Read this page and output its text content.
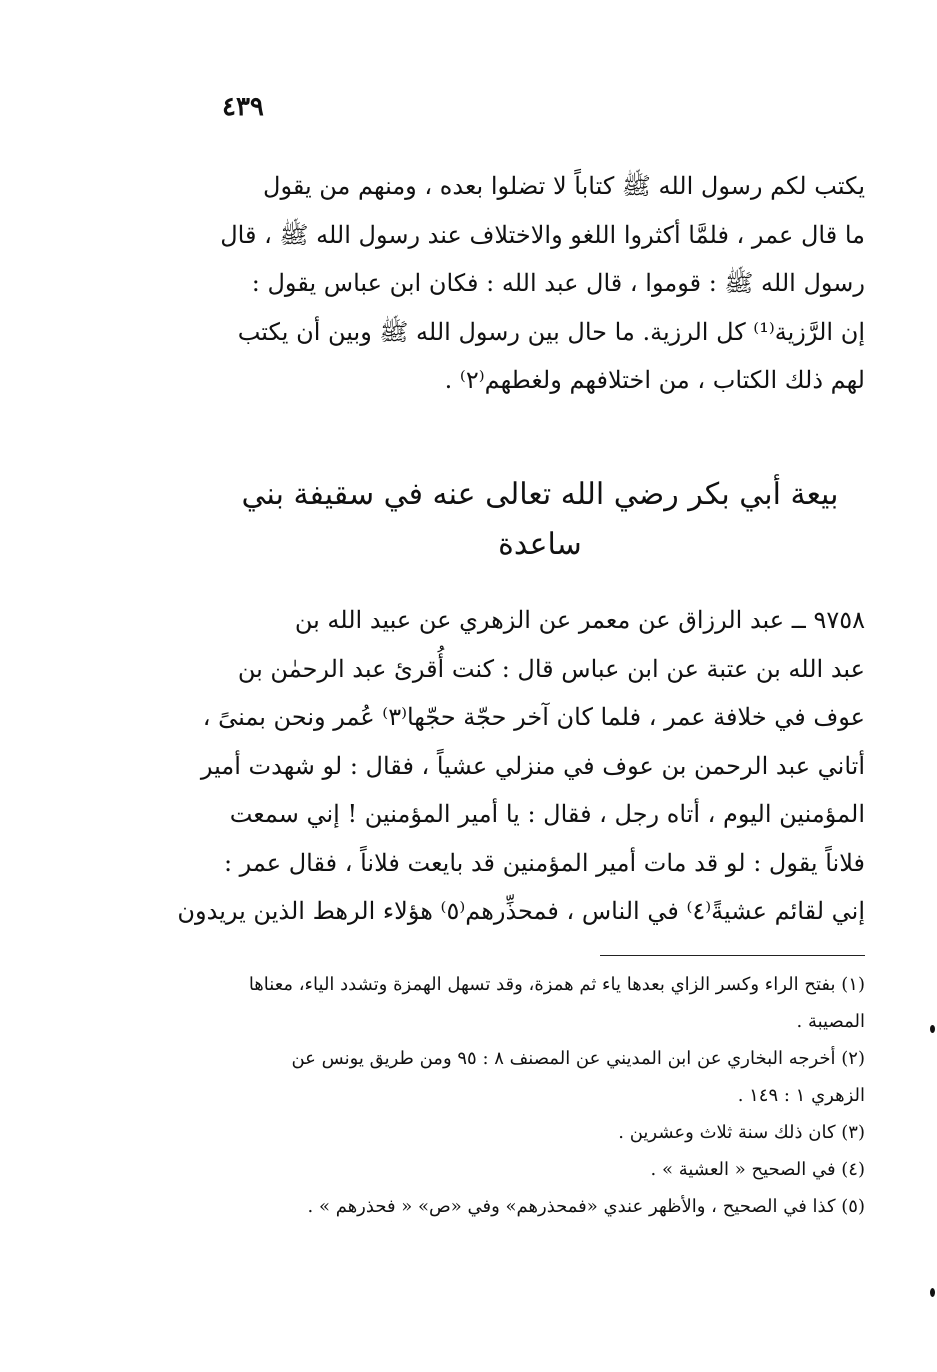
٤٣٩
يكتب لكم رسول الله ﷺ كتاباً لا تضلوا بعده ، ومنهم من يقول
ما قال عمر ، فلمَّا أكثروا اللغو والاختلاف عند رسول الله ﷺ ، قال
رسول الله ﷺ : قوموا ، قال عبد الله : فكان ابن عباس يقول :
إن الرَّزية⁽¹⁾ كل الرزية. ما حال بين رسول الله ﷺ وبين أن يكتب
لهم ذلك الكتاب ، من اختلافهم ولغطهم⁽٢⁾ .
بيعة أبي بكر رضي الله تعالى عنه في سقيفة بني
ساعدة
٩٧٥٨ ــ عبد الرزاق عن معمر عن الزهري عن عبيد الله بن
عبد الله بن عتبة عن ابن عباس قال : كنت أُقرئ عبد الرحمٰن بن
عوف في خلافة عمر ، فلما كان آخر حجّة حجّها⁽٣⁾ عُمر ونحن بمنىً ،
أتاني عبد الرحمن بن عوف في منزلي عشياً ، فقال : لو شهدت أمير
المؤمنين اليوم ، أتاه رجل ، فقال : يا أمير المؤمنين ! إني سمعت
فلاناً يقول : لو قد مات أمير المؤمنين قد بايعت فلاناً ، فقال عمر :
إني لقائم عشيةً⁽٤⁾ في الناس ، فمحذِّرهم⁽٥⁾ هؤلاء الرهط الذين يريدون
(١) بفتح الراء وكسر الزاي بعدها ياء ثم همزة، وقد تسهل الهمزة وتشدد الياء، معناها
المصيبة .
(٢) أخرجه البخاري عن ابن المديني عن المصنف ٨ : ٩٥ ومن طريق يونس عن
الزهري ١ : ١٤٩ .
(٣) كان ذلك سنة ثلاث وعشرين .
(٤) في الصحيح « العشية » .
(٥) كذا في الصحيح ، والأظهر عندي «فمحذرهم» وفي «ص» « فحذرهم » .
